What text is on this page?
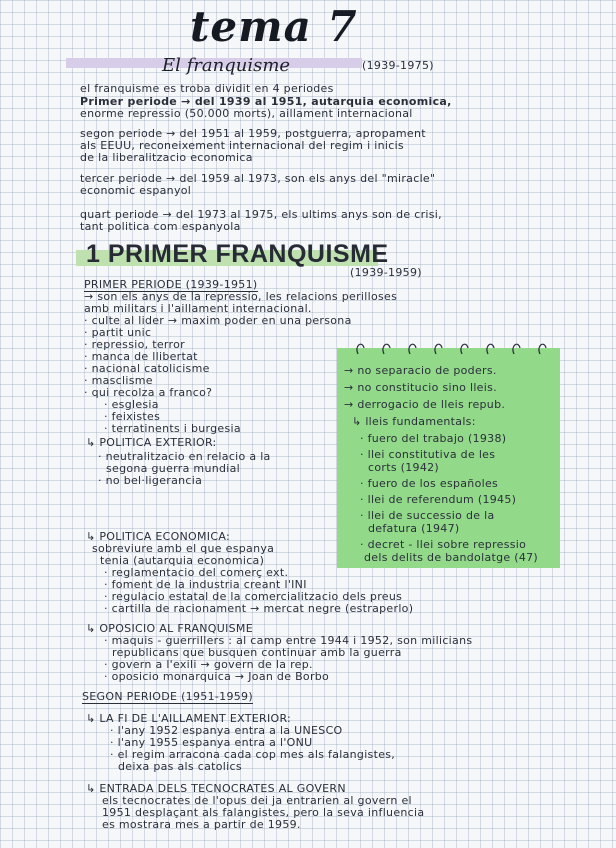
tema 7
El franquisme	(1939-1975)
el franquisme es troba dividit en 4 periodes
Primer periode → del 1939 al 1951, autarquia economica,
enorme repressio (50.000 morts), aillament internacional
segon periode → del 1951 al 1959, postguerra, apropament
als EEUU, reconeixement internacional del regim i inicis
de la liberalitzacio economica
tercer periode → del 1959 al 1973, son els anys del "miracle"
economic espanyol
quart periode → del 1973 al 1975, els ultims anys son de crisi,
tant politica com espanyola
1 PRIMER FRANQUISME
(1939-1959)
PRIMER PERIODE (1939-1951)
→ son els anys de la repressio, les relacions perilloses
amb militars i l'aillament internacional.
· culte al lider → maxim poder en una persona
· partit unic
· repressio, terror
· manca de llibertat
· nacional catolicisme
· masclisme
· qui recolza a franco?
· esglesia
· feixistes
· terratinents i burgesia
→ no separacio de poders.
→ no constitucio sino lleis.
→ derrogacio de lleis repub.
↳ lleis fundamentals:
· fuero del trabajo (1938)
· llei constitutiva de les
corts (1942)
· fuero de los españoles
· llei de referendum (1945)
· llei de successio de la
defatura (1947)
· decret - llei sobre repressio
dels delits de bandolatge (47)
↳ POLITICA EXTERIOR:
· neutralitzacio en relacio a la
segona guerra mundial
· no bel·ligerancia
↳ POLITICA ECONOMICA:
sobreviure amb el que espanya
tenia (autarquia economica)
· reglamentacio del comerç ext.
· foment de la industria creant l'INI
· regulacio estatal de la comercialitzacio dels preus
· cartilla de racionament → mercat negre (estraperlo)
↳ OPOSICIO AL FRANQUISME
· maquis - guerrillers : al camp entre 1944 i 1952, son milicians
republicans que busquen continuar amb la guerra
· govern a l'exili → govern de la rep.
· oposicio monarquica → Joan de Borbo
SEGON PERIODE (1951-1959)
↳ LA FI DE L'AILLAMENT EXTERIOR:
· l'any 1952 espanya entra a la UNESCO
· l'any 1955 espanya entra a l'ONU
· el regim arracona cada cop mes als falangistes,
deixa pas als catolics
↳ ENTRADA DELS TECNOCRATES AL GOVERN
els tecnocrates de l'opus dei ja entrarien al govern el
1951 desplaçant als falangistes, pero la seva influencia
es mostrara mes a partir de 1959.
